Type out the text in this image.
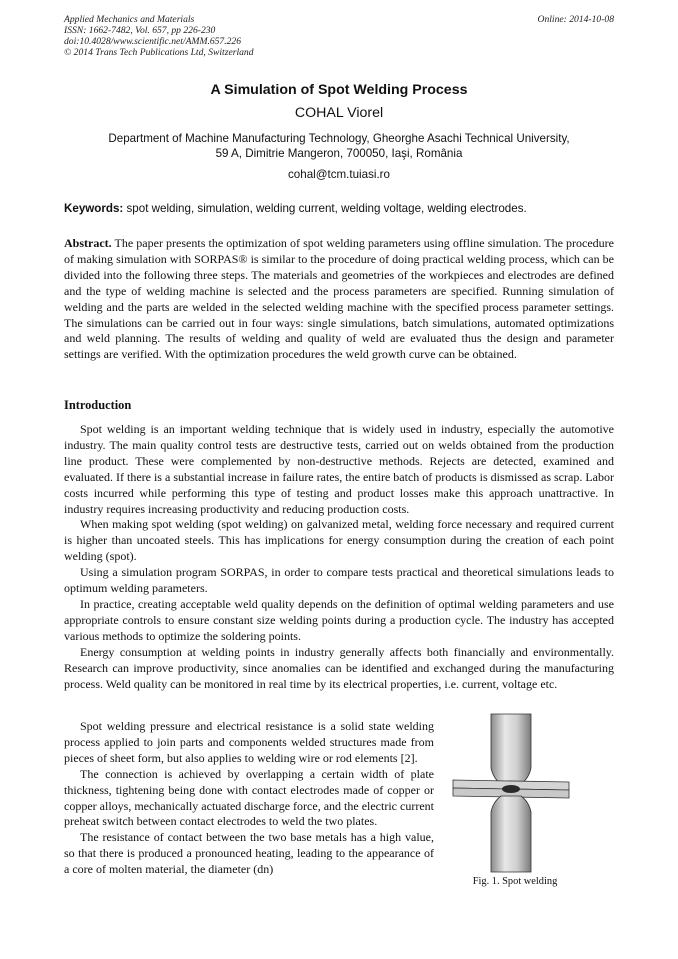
Applied Mechanics and Materials
ISSN: 1662-7482, Vol. 657, pp 226-230
doi:10.4028/www.scientific.net/AMM.657.226
© 2014 Trans Tech Publications Ltd, Switzerland
Online: 2014-10-08
A Simulation of Spot Welding Process
COHAL Viorel
Department of Machine Manufacturing Technology, Gheorghe Asachi Technical University,
59 A, Dimitrie Mangeron, 700050, Iaşi, România
cohal@tcm.tuiasi.ro
Keywords: spot welding, simulation, welding current, welding voltage, welding electrodes.
Abstract. The paper presents the optimization of spot welding parameters using offline simulation. The procedure of making simulation with SORPAS® is similar to the procedure of doing practical welding process, which can be divided into the following three steps. The materials and geometries of the workpieces and electrodes are defined and the type of welding machine is selected and the process parameters are specified. Running simulation of welding and the parts are welded in the selected welding machine with the specified process parameter settings. The simulations can be carried out in four ways: single simulations, batch simulations, automated optimizations and weld planning. The results of welding and quality of weld are evaluated thus the design and parameter settings are verified. With the optimization procedures the weld growth curve can be obtained.
Introduction

Spot welding is an important welding technique that is widely used in industry, especially the automotive industry. The main quality control tests are destructive tests, carried out on welds obtained from the production line product. These were complemented by non-destructive methods. Rejects are detected, examined and evaluated. If there is a substantial increase in failure rates, the entire batch of products is dismissed as scrap. Labor costs incurred while performing this type of testing and product losses make this approach unattractive. In industry requires increasing productivity and reducing production costs.

When making spot welding (spot welding) on galvanized metal, welding force necessary and required current is higher than uncoated steels. This has implications for energy consumption during the creation of each point welding (spot).

Using a simulation program SORPAS, in order to compare tests practical and theoretical simulations leads to optimum welding parameters.

In practice, creating acceptable weld quality depends on the definition of optimal welding parameters and use appropriate controls to ensure constant size welding points during a production cycle. The industry has accepted various methods to optimize the soldering points.

Energy consumption at welding points in industry generally affects both financially and environmentally. Research can improve productivity, since anomalies can be identified and exchanged during the manufacturing process. Weld quality can be monitored in real time by its electrical properties, i.e. current, voltage etc.

Spot welding pressure and electrical resistance is a solid state welding process applied to join parts and components welded structures made from pieces of sheet form, but also applies to welding wire or rod elements [2].

The connection is achieved by overlapping a certain width of plate thickness, tightening being done with contact electrodes made of copper or copper alloys, mechanically actuated discharge force, and the electric current preheat switch between contact electrodes to weld the two plates.

The resistance of contact between the two base metals has a high value, so that there is produced a pronounced heating, leading to the appearance of a core of molten material, the diameter (dn)

Fig. 1. Spot welding
